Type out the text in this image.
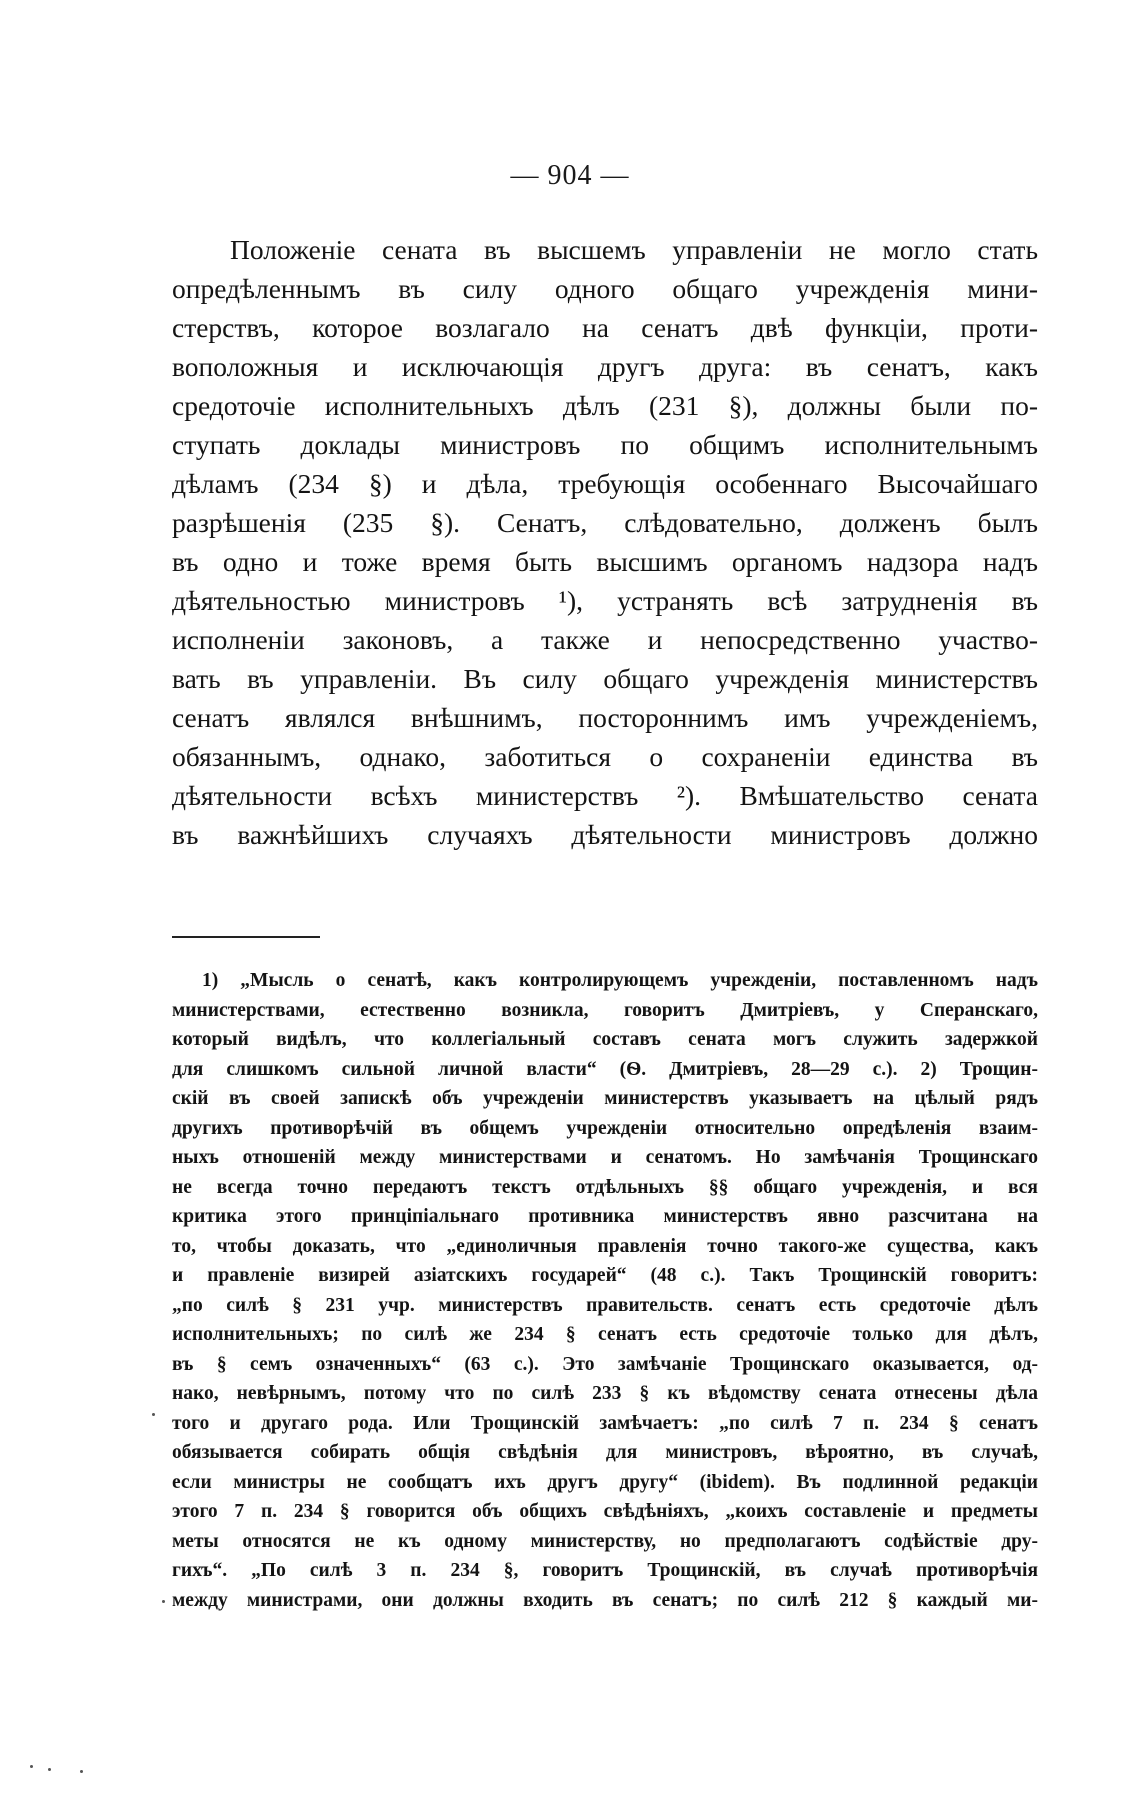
— 904 —
Положеніе сената въ высшемъ управленіи не могло стать
опредѣленнымъ въ силу одного общаго учрежденія мини-
стерствъ, которое возлагало на сенатъ двѣ функціи, проти-
воположныя и исключающія другъ друга: въ сенатъ, какъ
средоточіе исполнительныхъ дѣлъ (231 §), должны были по-
ступать доклады министровъ по общимъ исполнительнымъ
дѣламъ (234 §) и дѣла, требующія особеннаго Высочайшаго
разрѣшенія (235 §). Сенатъ, слѣдовательно, долженъ былъ
въ одно и тоже время быть высшимъ органомъ надзора надъ
дѣятельностью министровъ ¹), устранять всѣ затрудненія въ
исполненіи законовъ, а также и непосредственно участво-
вать въ управленіи. Въ силу общаго учрежденія министерствъ
сенатъ являлся внѣшнимъ, постороннимъ имъ учрежденіемъ,
обязаннымъ, однако, заботиться о сохраненіи единства въ
дѣятельности всѣхъ министерствъ ²). Вмѣшательство сената
въ важнѣйшихъ случаяхъ дѣятельности министровъ должно
1) „Мысль о сенатѣ, какъ контролирующемъ учрежденіи, поставленномъ надъ
министерствами, естественно возникла, говоритъ Дмитріевъ, у Сперанскаго,
который видѣлъ, что коллегіальный составъ сената могъ служить задержкой
для слишкомъ сильной личной власти“ (Ѳ. Дмитріевъ, 28—29 с.). 2) Трощин-
скій въ своей запискѣ объ учрежденіи министерствъ указываетъ на цѣлый рядъ
другихъ противорѣчій въ общемъ учрежденіи относительно опредѣленія взаим-
ныхъ отношеній между министерствами и сенатомъ. Но замѣчанія Трощинскаго
не всегда точно передаютъ текстъ отдѣльныхъ §§ общаго учрежденія, и вся
критика этого принціпіальнаго противника министерствъ явно разсчитана на
то, чтобы доказать, что „единоличныя правленія точно такого-же существа, какъ
и правленіе визирей азіатскихъ государей“ (48 с.). Такъ Трощинскій говоритъ:
„по силѣ § 231 учр. министерствъ правительств. сенатъ есть средоточіе дѣлъ
исполнительныхъ; по силѣ же 234 § сенатъ есть средоточіе только для дѣлъ,
въ § семъ означенныхъ“ (63 с.). Это замѣчаніе Трощинскаго оказывается, од-
нако, невѣрнымъ, потому что по силѣ 233 § къ вѣдомству сената отнесены дѣла
того и другаго рода. Или Трощинскій замѣчаетъ: „по силѣ 7 п. 234 § сенатъ
обязывается собирать общія свѣдѣнія для министровъ, вѣроятно, въ случаѣ,
если министры не сообщатъ ихъ другъ другу“ (ibidem). Въ подлинной редакціи
этого 7 п. 234 § говорится объ общихъ свѣдѣніяхъ, „коихъ составленіе и предметы
меты относятся не къ одному министерству, но предполагаютъ содѣйствіе дру-
гихъ“. „По силѣ 3 п. 234 §, говоритъ Трощинскій, въ случаѣ противорѣчія
между министрами, они должны входить въ сенатъ; по силѣ 212 § каждый ми-
